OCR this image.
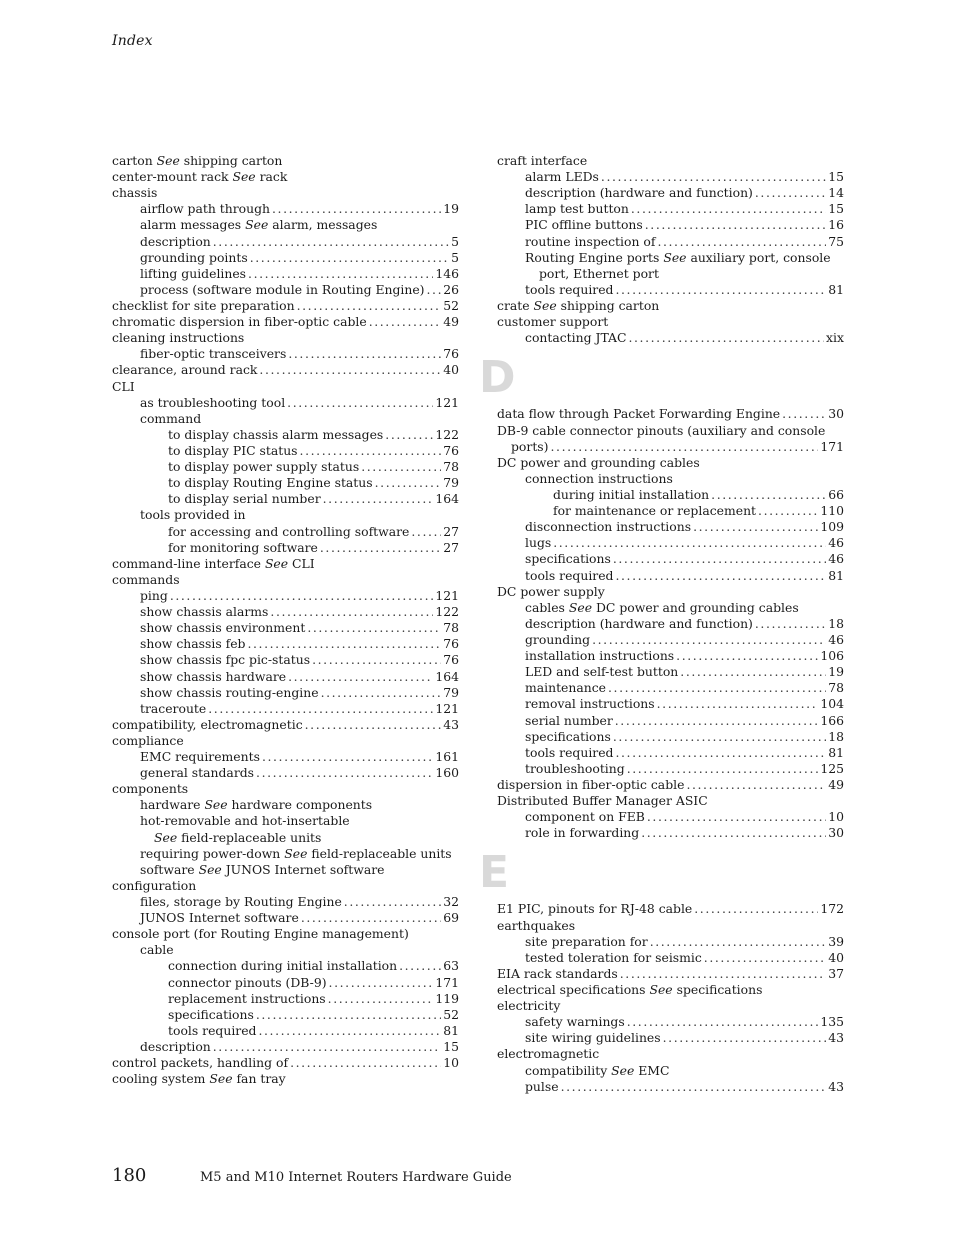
Index
carton See shipping carton
center-mount rack See rack
chassis
airflow path through .....	19
alarm messages See alarm, messages
description .....	5
grounding points .....	5
lifting guidelines .....	146
process (software module in Routing Engine) ..... 26
checklist for site preparation .....	52
chromatic dispersion in fiber-optic cable .....	49
cleaning instructions
fiber-optic transceivers .....	76
clearance, around rack .....	40
CLI
as troubleshooting tool .....	121
command
to display chassis alarm messages .....	122
to display PIC status .....	76
to display power supply status .....	78
to display Routing Engine status .....	79
to display serial number .....	164
tools provided in
for accessing and controlling software .....	27
for monitoring software .....	27
command-line interface See CLI
commands
ping .....	121
show chassis alarms .....	122
show chassis environment .....	78
show chassis feb .....	76
show chassis fpc pic-status .....	76
show chassis hardware .....	164
show chassis routing-engine .....	79
traceroute .....	121
compatibility, electromagnetic .....	43
compliance
EMC requirements .....	161
general standards .....	160
components
hardware See hardware components
hot-removable and hot-insertable
See field-replaceable units
requiring power-down See field-replaceable units
software See JUNOS Internet software
configuration
files, storage by Routing Engine .....	32
JUNOS Internet software .....	69
console port (for Routing Engine management)
cable
connection during initial installation .....	63
connector pinouts (DB-9) .....	171
replacement instructions .....	119
specifications .....	52
tools required .....	81
description .....	15
control packets, handling of .....	10
cooling system See fan tray
craft interface
alarm LEDs .....	15
description (hardware and function) .....	14
lamp test button .....	15
PIC offline buttons .....	16
routine inspection of .....	75
Routing Engine ports See auxiliary port, console
port, Ethernet port
tools required .....	81
crate See shipping carton
customer support
contacting JTAC .....	xix
D
data flow through Packet Forwarding Engine .....	30
DB-9 cable connector pinouts (auxiliary and console
ports) .....	171
DC power and grounding cables
connection instructions
during initial installation .....	66
for maintenance or replacement .....	110
disconnection instructions .....	109
lugs .....	46
specifications .....	46
tools required .....	81
DC power supply
cables See DC power and grounding cables
description (hardware and function) .....	18
grounding .....	46
installation instructions .....	106
LED and self-test button .....	19
maintenance .....	78
removal instructions .....	104
serial number .....	166
specifications .....	18
tools required .....	81
troubleshooting .....	125
dispersion in fiber-optic cable .....	49
Distributed Buffer Manager ASIC
component on FEB .....	10
role in forwarding .....	30
E
E1 PIC, pinouts for RJ-48 cable .....	172
earthquakes
site preparation for .....	39
tested toleration for seismic .....	40
EIA rack standards .....	37
electrical specifications See specifications
electricity
safety warnings .....	135
site wiring guidelines .....	43
electromagnetic
compatibility See EMC
pulse .....	43
180	M5 and M10 Internet Routers Hardware Guide
